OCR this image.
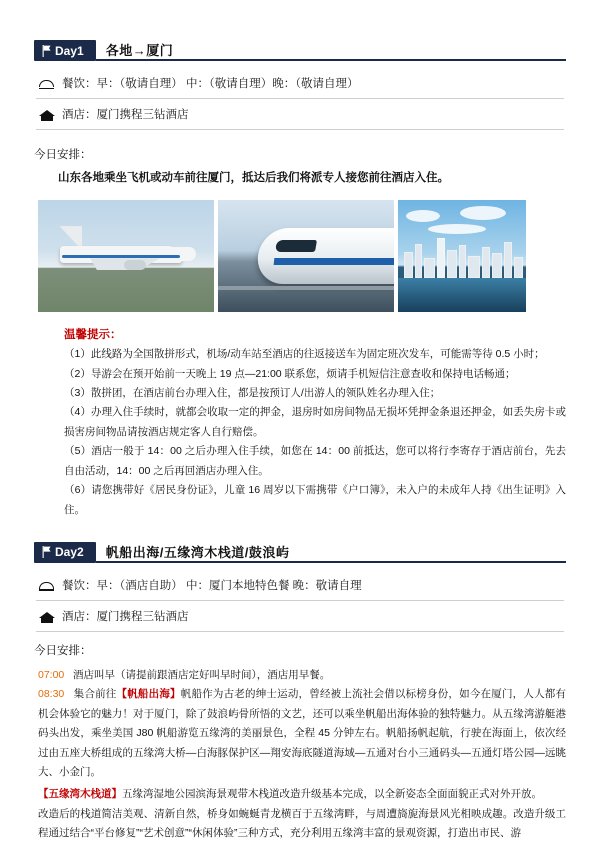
Day1	各地→厦门
餐饮：早：（敬请自理） 中：（敬请自理）晚：（敬请自理）
酒店：厦门携程三钻酒店
今日安排：

山东各地乘坐飞机或动车前往厦门，抵达后我们将派专人接您前往酒店入住。

温馨提示：

（1）此线路为全国散拼形式，机场/动车站至酒店的往返接送车为固定班次发车，可能需等待 0.5 小时；

（2）导游会在预开始前一天晚上 19 点—21:00 联系您，烦请手机短信注意查收和保持电话畅通；

（3）散拼团，在酒店前台办理入住，都是按预订人/出游人的领队姓名办理入住；

（4）办理入住手续时，就都会收取一定的押金，退房时如房间物品无损坏凭押金条退还押金，如丢失房卡或损害房间物品请按酒店规定客人自行赔偿。

（5）酒店一般于 14：00 之后办理入住手续，如您在 14：00 前抵达，您可以将行李寄存于酒店前台，先去自由活动，14：00 之后再回酒店办理入住。

（6）请您携带好《居民身份证》，儿童 16 周岁以下需携带《户口簿》，未入户的未成年人持《出生证明》入住。

Day2	帆船出海/五缘湾木栈道/鼓浪屿
餐饮：早：（酒店自助） 中：厦门本地特色餐 晚：敬请自理
酒店：厦门携程三钻酒店
今日安排：

07:00 酒店叫早（请提前跟酒店定好叫早时间），酒店用早餐。

08:30 集合前往【帆船出海】帆船作为古老的绅士运动，曾经被上流社会借以标榜身份，如今在厦门，人人都有机会体验它的魅力！对于厦门，除了鼓浪屿骨所悟的文艺，还可以乘坐帆船出海体验的独特魅力。从五缘湾游艇港码头出发，乘坐美国 J80 帆船游览五缘湾的美丽景色，全程 45 分钟左右。帆船扬帆起航，行驶在海面上，依次经过由五座大桥组成的五缘湾大桥—白海豚保护区—翔安海底隧道海域—五通对台小三通码头—五通灯塔公园—远眺大、小金门。

【五缘湾木栈道】五缘湾湿地公园滨海景观带木栈道改造升级基本完成，以全新姿态全面面貌正式对外开放。

改造后的栈道简洁美观、清新自然，桥身如蜿蜒青龙横百于五缘湾畔，与周遭旖旎海景风光相映成趣。改造升级工程通过结合“平台修复”“艺术创意”“休闲体验”三种方式，充分利用五缘湾丰富的景观资源，打造出市民、游
